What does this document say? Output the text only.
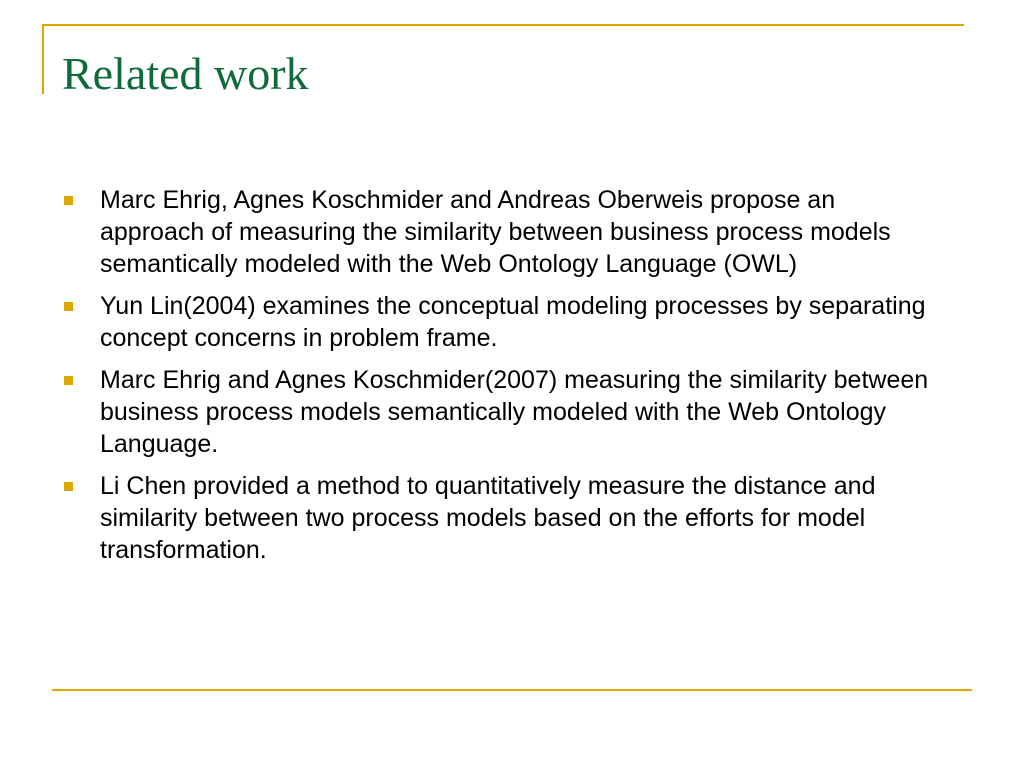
Related work
Marc Ehrig, Agnes Koschmider and Andreas Oberweis propose an approach of measuring the similarity between business process models semantically modeled with the Web Ontology Language (OWL)
Yun Lin(2004) examines the conceptual modeling processes by separating concept concerns in problem frame.
Marc Ehrig and Agnes Koschmider(2007) measuring the similarity between business process models semantically modeled with the Web Ontology Language.
Li Chen provided a method to quantitatively measure the distance and similarity between two process models based on the efforts for model transformation.
